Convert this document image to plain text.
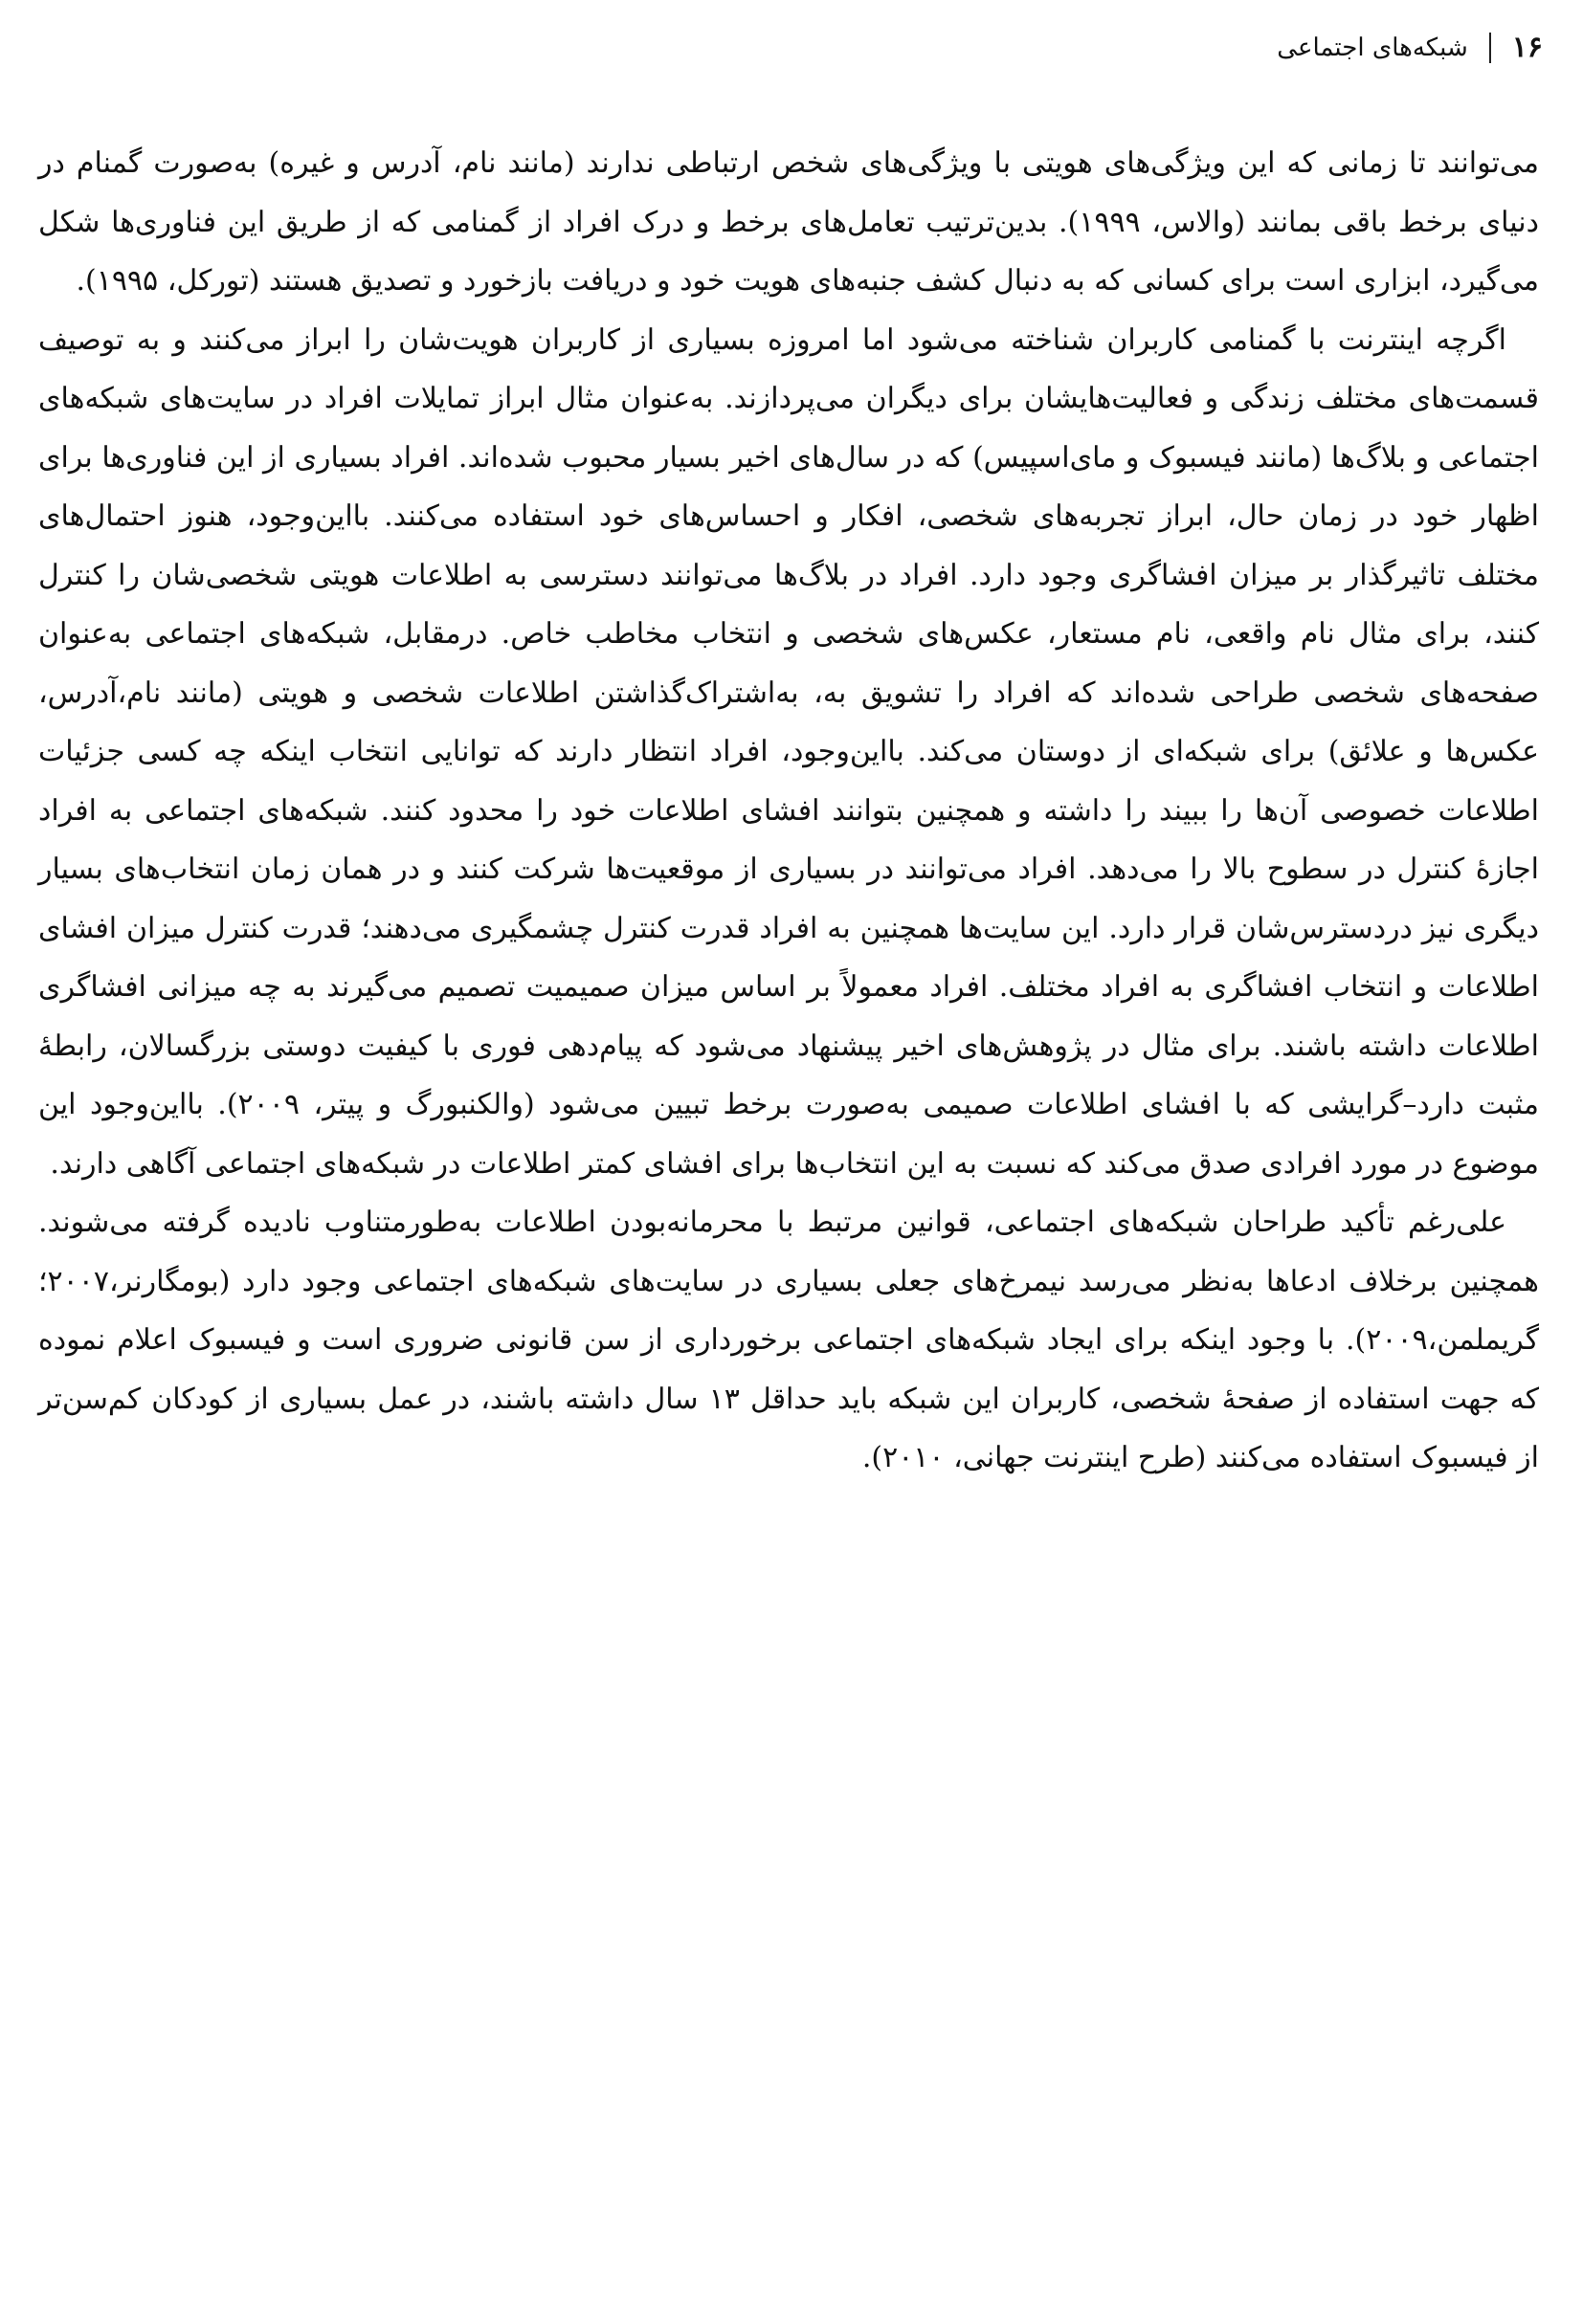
۱۶
شبکه‌های اجتماعی

می‌توانند تا زمانی که این ویژگی‌های هویتی با ویژگی‌های شخص ارتباطی ندارند (مانند نام، آدرس و غیره) به‌صورت گمنام در دنیای برخط باقی بمانند (والاس، ۱۹۹۹). بدین‌ترتیب تعامل‌های برخط و درک افراد از گمنامی که از طریق این فناوری‌ها شکل می‌گیرد، ابزاری است برای کسانی که به دنبال کشف جنبه‌های هویت خود و دریافت بازخورد و تصدیق هستند (تورکل، ۱۹۹۵).

اگرچه اینترنت با گمنامی کاربران شناخته می‌شود اما امروزه بسیاری از کاربران هویت‌شان را ابراز می‌کنند و به توصیف قسمت‌های مختلف زندگی و فعالیت‌هایشان برای دیگران می‌پردازند. به‌عنوان مثال ابراز تمایلات افراد در سایت‌های شبکه‌های اجتماعی و بلاگ‌ها (مانند فیسبوک و مای‌اسپیس) که در سال‌های اخیر بسیار محبوب شده‌اند. افراد بسیاری از این فناوری‌ها برای اظهار خود در زمان حال، ابراز تجربه‌های شخصی، افکار و احساس‌های خود استفاده می‌کنند. بااین‌وجود، هنوز احتمال‌های مختلف تاثیرگذار بر میزان افشاگری وجود دارد. افراد در بلاگ‌ها می‌توانند دسترسی به اطلاعات هویتی شخصی‌شان را کنترل کنند، برای مثال نام واقعی، نام مستعار، عکس‌های شخصی و انتخاب مخاطب خاص. درمقابل، شبکه‌های اجتماعی به‌عنوان صفحه‌های شخصی طراحی شده‌اند که افراد را تشویق به، به‌اشتراک‌گذاشتن اطلاعات شخصی و هویتی (مانند نام،آدرس، عکس‌ها و علائق) برای شبکه‌ای از دوستان می‌کند. بااین‌وجود، افراد انتظار دارند که توانایی انتخاب اینکه چه کسی جزئیات اطلاعات خصوصی آن‌ها را ببیند را داشته و همچنین بتوانند افشای اطلاعات خود را محدود کنند. شبکه‌های اجتماعی به افراد اجازهٔ کنترل در سطوح بالا را می‌دهد. افراد می‌توانند در بسیاری از موقعیت‌ها شرکت کنند و در همان زمان انتخاب‌های بسیار دیگری نیز دردسترس‌شان قرار دارد. این سایت‌ها همچنین به افراد قدرت کنترل چشمگیری می‌دهند؛ قدرت کنترل میزان افشای اطلاعات و انتخاب افشاگری به افراد مختلف. افراد معمولاً بر اساس میزان صمیمیت تصمیم می‌گیرند به چه میزانی افشاگری اطلاعات داشته باشند. برای مثال در پژوهش‌های اخیر پیشنهاد می‌شود که پیام‌دهی فوری با کیفیت دوستی بزرگسالان، رابطهٔ مثبت دارد–گرایشی که با افشای اطلاعات صمیمی به‌صورت برخط تبیین می‌شود (والکنبورگ و پیتر، ۲۰۰۹). بااین‌وجود این موضوع در مورد افرادی صدق می‌کند که نسبت به این انتخاب‌ها برای افشای کمتر اطلاعات در شبکه‌های اجتماعی آگاهی دارند.

علی‌رغم تأکید طراحان شبکه‌های اجتماعی، قوانین مرتبط با محرمانه‌بودن اطلاعات به‌طورمتناوب نادیده گرفته می‌شوند. همچنین برخلاف ادعاها به‌نظر می‌رسد نیمرخ‌های جعلی بسیاری در سایت‌های شبکه‌های اجتماعی وجود دارد (بومگارنر،۲۰۰۷؛ گریملمن،۲۰۰۹). با وجود اینکه برای ایجاد شبکه‌های اجتماعی برخورداری از سن قانونی ضروری است و فیسبوک اعلام نموده که جهت استفاده از صفحهٔ شخصی، کاربران این شبکه باید حداقل ۱۳ سال داشته باشند، در عمل بسیاری از کودکان کم‌سن‌تر از فیسبوک استفاده می‌کنند (طرح اینترنت جهانی، ۲۰۱۰).
